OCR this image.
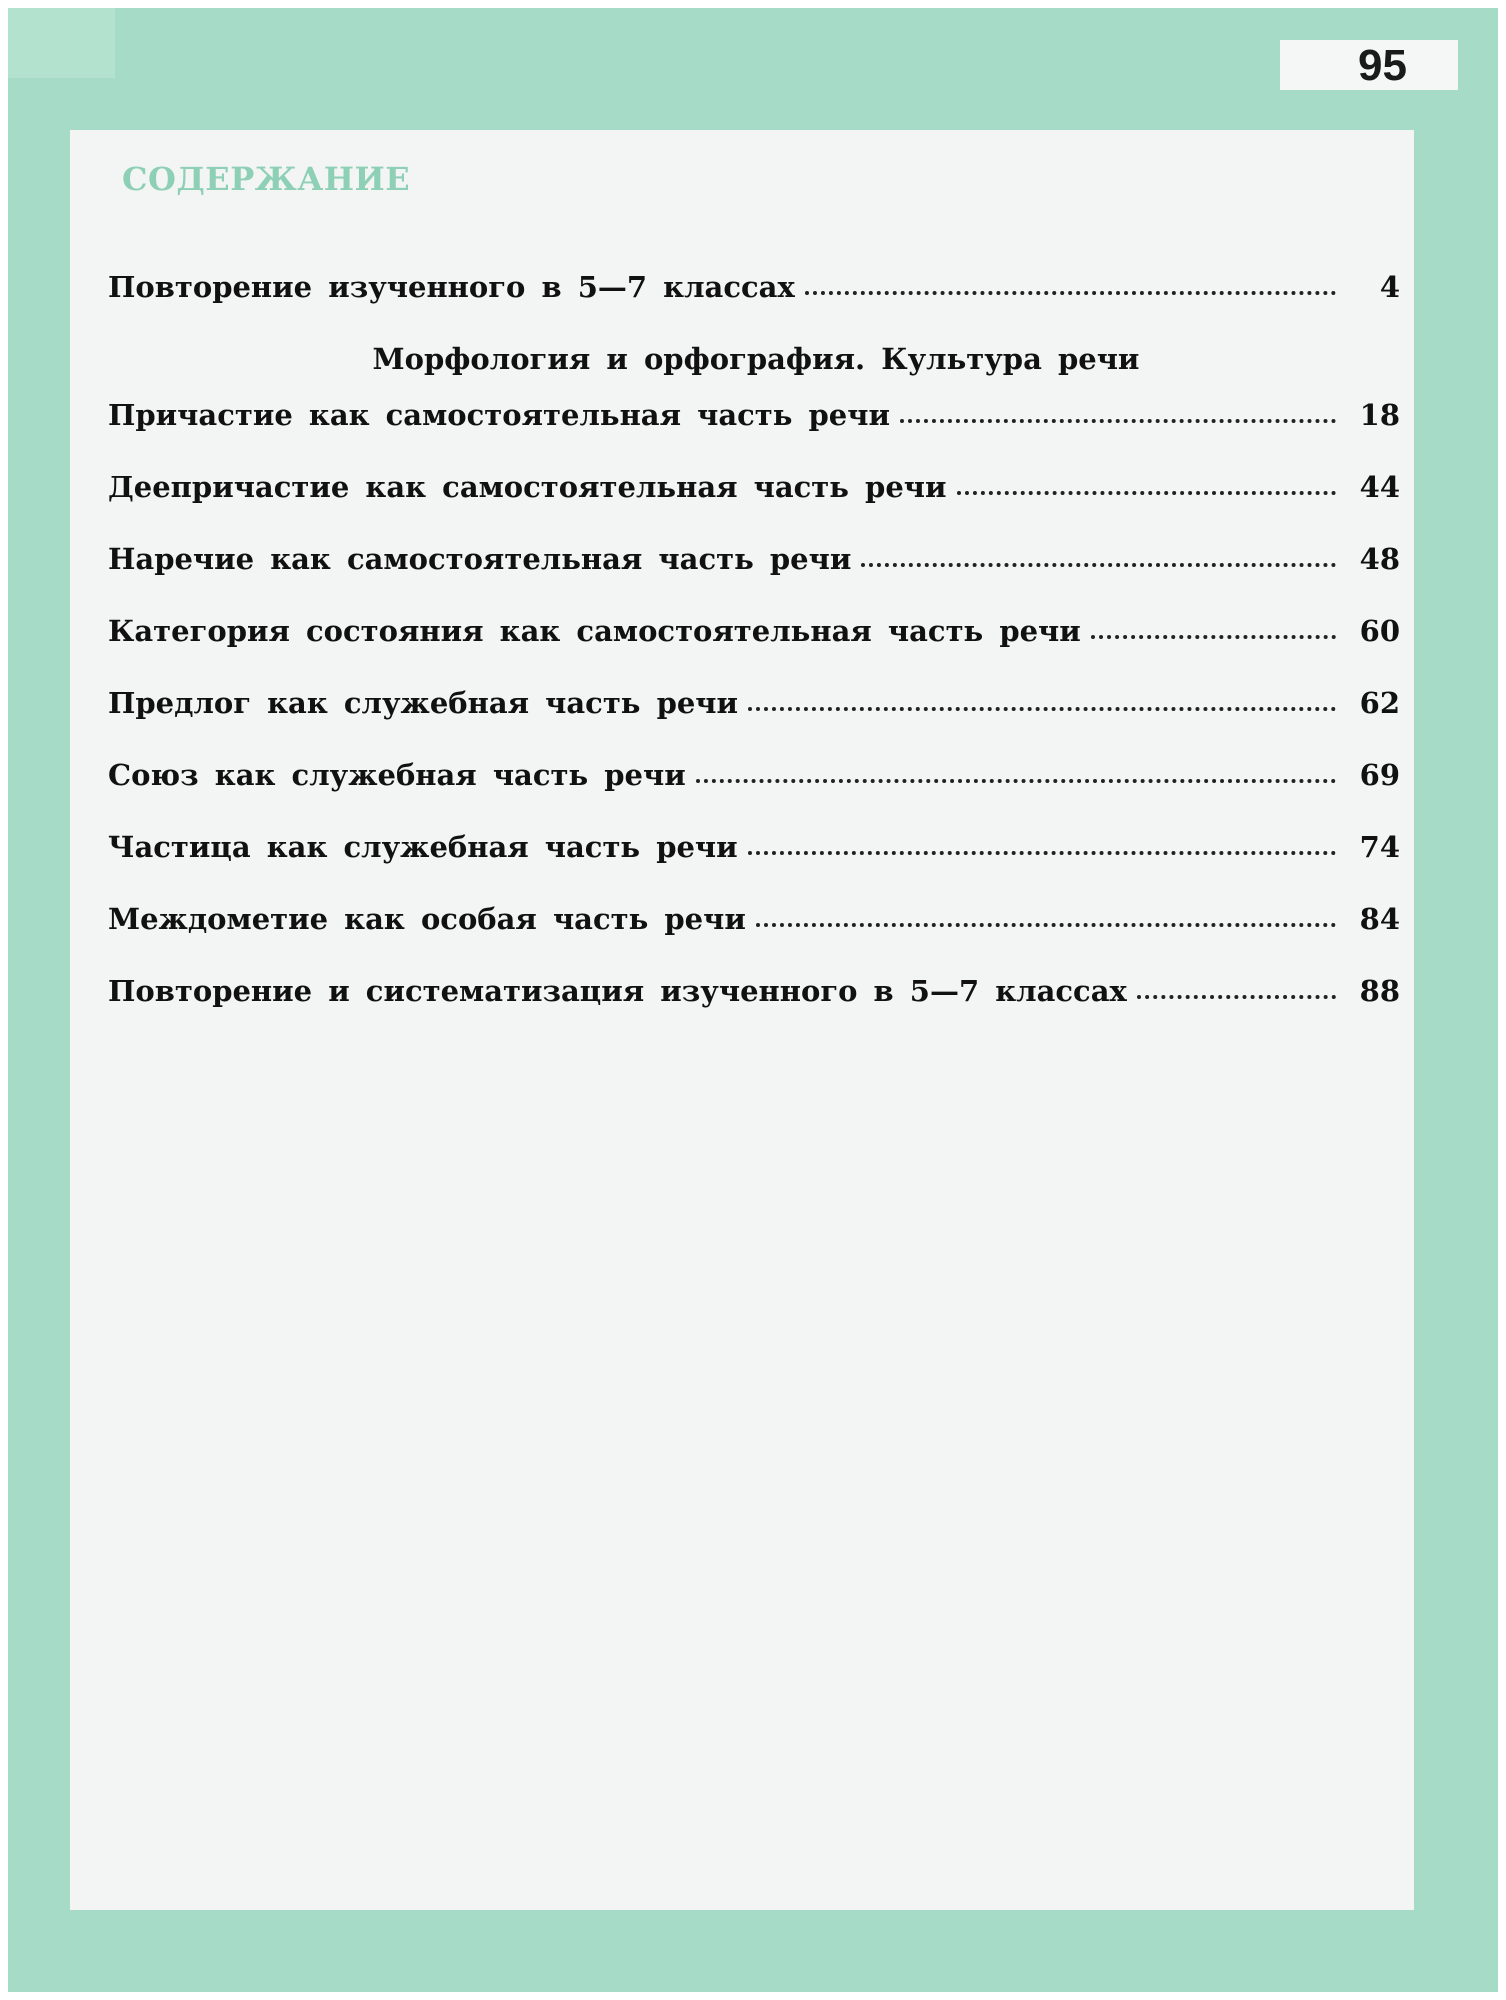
95
СОДЕРЖАНИЕ
Повторение изученного в 5—7 классах	4
Морфология и орфография. Культура речи
Причастие как самостоятельная часть речи	18
Деепричастие как самостоятельная часть речи	44
Наречие как самостоятельная часть речи	48
Категория состояния как самостоятельная часть речи	60
Предлог как служебная часть речи	62
Союз как служебная часть речи	69
Частица как служебная часть речи	74
Междометие как особая часть речи	84
Повторение и систематизация изученного в 5—7 классах	88
